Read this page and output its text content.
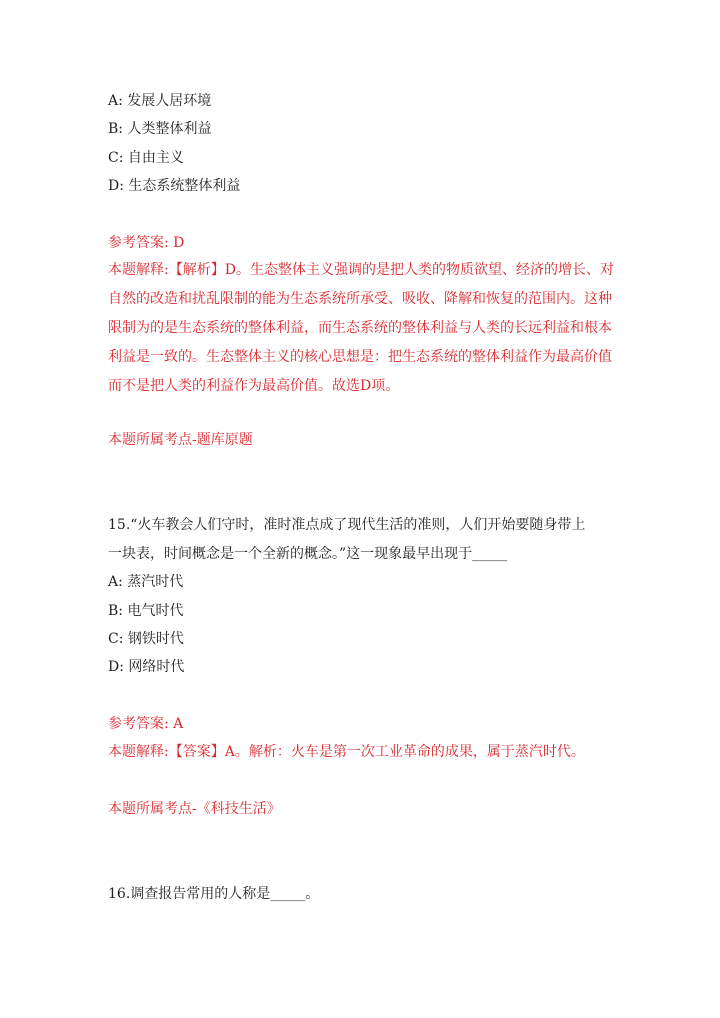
A: 发展人居环境
B: 人类整体利益
C: 自由主义
D: 生态系统整体利益
参考答案: D
本题解释:【解析】D。生态整体主义强调的是把人类的物质欲望、经济的增长、对自然的改造和扰乱限制的能为生态系统所承受、吸收、降解和恢复的范围内。这种限制为的是生态系统的整体利益，而生态系统的整体利益与人类的长远利益和根本利益是一致的。生态整体主义的核心思想是：把生态系统的整体利益作为最高价值而不是把人类的利益作为最高价值。故选D项。
本题所属考点-题库原题
15.“火车教会人们守时，准时准点成了现代生活的准则，人们开始要随身带上
一块表，时间概念是一个全新的概念。”这一现象最早出现于_____
A: 蒸汽时代
B: 电气时代
C: 钢铁时代
D: 网络时代
参考答案: A
本题解释:【答案】A。解析：火车是第一次工业革命的成果，属于蒸汽时代。
本题所属考点-《科技生活》
16.调查报告常用的人称是_____。
